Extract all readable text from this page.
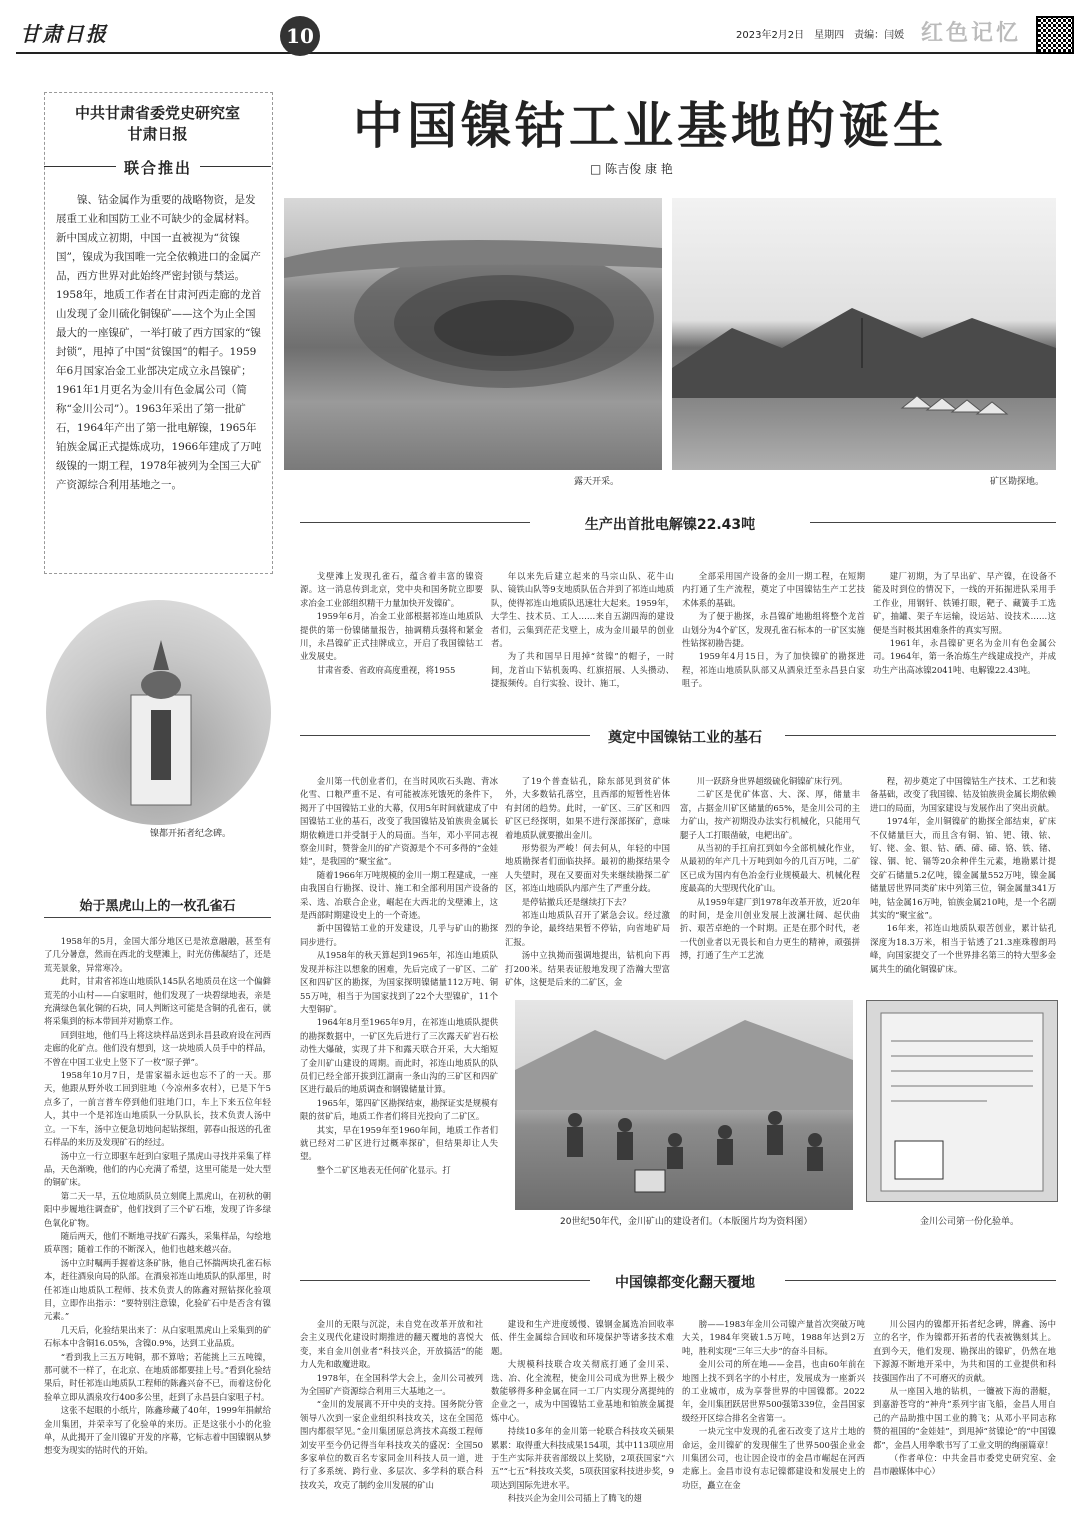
甘肃日报	10	2023年2月2日　星期四　责编：闫媛 红色记忆
中共甘肃省委党史研究室
甘肃日报
联合推出
镍、钴金属作为重要的战略物资，是发展重工业和国防工业不可缺少的金属材料。新中国成立初期，中国一直被视为“贫镍国”，镍成为我国唯一完全依赖进口的金属产品，西方世界对此始终严密封锁与禁运。
1958年，地质工作者在甘肃河西走廊的龙首山发现了金川硫化铜镍矿——这个为止全国最大的一座镍矿，一举打破了西方国家的“镍封锁”，甩掉了中国“贫镍国”的帽子。1959年6月国家冶金工业部决定成立永昌镍矿；1961年1月更名为金川有色金属公司（简称“金川公司”）。1963年采出了第一批矿石，1964年产出了第一批电解镍，1965年铂族金属正式提炼成功，1966年建成了万吨级镍的一期工程，1978年被列为全国三大矿产资源综合利用基地之一。
中国镍钴工业基地的诞生
□ 陈吉俊 康 艳
露天开采。	矿区勘探地。
镍都开拓者纪念碑。
生产出首批电解镍22.43吨

戈壁滩上发现孔雀石，蕴含着丰富的镍资源。这一消息传到北京，党中央和国务院立即要求冶金工业部组织精干力量加快开发镍矿。

1959年6月，冶金工业部根据祁连山地质队提供的第一份镍储量报告，抽调精兵强将和紧金川，永昌镍矿正式挂牌成立，开启了我国镍钴工业发展史。

甘肃省委、省政府高度重视，将1955

年以来先后建立起来的马宗山队、花牛山队、镜铁山队等9支地质队伍合并到了祁连山地质队，使得祁连山地质队迅速壮大起来。1959年，大学生、技术员、工人……来自五湖四海的建设者们，云集到茫茫戈壁上，成为金川最早的创业者。

为了共和国早日甩掉“贫镍”的帽子，一时间，龙首山下钻机轰鸣、红旗招展、人头攒动、捷报频传。自行实验、设计、施工，

全部采用国产设备的金川一期工程，在短期内打通了生产流程，奠定了中国镍钴生产工艺技术体系的基础。

为了便于勘探，永昌镍矿地勘组将整个龙首山划分为4个矿区，发现孔雀石标本的一矿区实施性钻探初勘告捷。

1959年4月15日，为了加快镍矿的勘探进程，祁连山地质队队部又从酒泉迁至永昌县白家咀子。

建厂初期，为了早出矿、早产镍，在设备不能及时到位的情况下，一线的开拓掘进队采用手工作业，用钢钎、铁锤打眼，靶子、藏簧手工选矿，抽罐、架子车运输，设运站、设技术……这便是当时极其困难条件的真实写照。

1961年，永昌镍矿更名为金川有色金属公司。1964年，第一条冶炼生产线建成投产，并成功生产出高冰镍2041吨、电解镍22.43吨。

奠定中国镍钴工业的基石

金川第一代创业者们，在当时风吹石头跑、背冰化雪、口粮严重不足、有可能被冻死饿死的条件下，揭开了中国镍钴工业的大幕，仅用5年时间就建成了中国镍钴工业的基石，改变了我国镍钴及铂族贵金属长期依赖进口并受制于人的局面。当年，邓小平同志视察金川时，赞誉金川的矿产资源是个不可多得的“金娃娃”，是我国的“聚宝盆”。

随着1966年万吨规模的金川一期工程建成，一座由我国自行勘探、设计、施工和全部利用国产设备的采、选、冶联合企业，崛起在大西北的戈壁滩上，这是西部时期建设史上的一个奇迹。

新中国镍钴工业的开发建设，几乎与矿山的勘探同步进行。

从1958年的秋天算起到1965年，祁连山地质队发现并标注以想象的困难，先后完成了一矿区、二矿区和四矿区的勘探，为国家探明镍储量112万吨、铜55万吨，相当于为国家找到了22个大型镍矿，11个大型铜矿。

1964年8月至1965年9月，在祁连山地质队提供的勘探数据中，一矿区先后进行了三次露天矿岩石松动性大爆破，实现了井下和露天联合开采，大大缩短了金川矿山建设的周期。而此时，祁连山地质队的队员们已经全部开拔到江湖南一条山沟的三矿区和四矿区进行最后的地质调查和钢镍储量计算。

1965年，第四矿区勘探结束，勘探证实是规模有限的贫矿后，地质工作者们将目光投向了二矿区。

其实，早在1959年至1960年间，地质工作者们就已经对二矿区进行过概率探矿，但结果却让人失望。

整个二矿区地表无任何矿化显示。打

了19个普查钻孔，除东部见到贫矿体外，大多数钻孔落空，且西部的短暂性岩体有封闭的趋势。此时，一矿区、三矿区和四矿区已经探明，如果不进行深部探矿，意味着地质队就要撤出金川。

形势很为严峻！何去何从，年轻的中国地质勘探者们面临抉择。最初的勘探结果令人失望时，现在又要面对失来继续勘探二矿区，祁连山地质队内部产生了严重分歧。

是停钻撤兵还是继续打下去？

祁连山地质队召开了紧急会议。经过激烈的争论，最终结果暂不停钻，向省地矿局汇报。

汤中立执拗而强调地提出，钻机向下再打200米。结果表证般地发现了浩瀚大型富矿体，这便是后来的二矿区，金

川一跃跻身世界超级硫化铜镍矿床行列。

二矿区是优矿体富、大、深、厚，储量丰富，占据金川矿区储量的65%，是金川公司的主力矿山，按产初期没办法实行机械化，只能用气腿子人工打眼凿破，电耙出矿。

从当初的手扛肩扛到如今全部机械化作业，从最初的年产几十万吨到如今的几百万吨，二矿区已成为国内有色冶金行业规模最大、机械化程度最高的大型现代化矿山。

从1959年建厂到1978年改革开放，近20年的时间，是金川创业发展上波澜壮阔、起伏曲折、艰苦卓绝的一个时期。正是在那个时代，老一代创业者以无畏长和自力更生的精神，顽强拼搏，打通了生产工艺流

程，初步奠定了中国镍钴生产技术、工艺和装备基础，改变了我国镍、钴及铂族贵金属长期依赖进口的局面，为国家建设与发展作出了突出贡献。

1974年，金川铜镍矿的勘探全部结束，矿床不仅储量巨大，而且含有铜、铂、钯、锇、铱、钌、铑、金、银、钴、硒、碲、碲、铬、铁、锗、镓、铟、铊、镉等20余种伴生元素，地勘累计提交矿石储量5.2亿吨，镍金属量552万吨，镍金属储量居世界同类矿床中列第三位，铜金属量341万吨，钴金属16万吨，铂族金属210吨，是一个名副其实的“聚宝盆”。

16年来，祁连山地质队艰苦创业，累计钻孔深度为18.3万米，相当于钻透了21.3座珠穆朗玛峰，向国家提交了一个世界排名第三的特大型多金属共生的硫化铜镍矿床。

20世纪50年代，金川矿山的建设者们。（本版图片均为资料图）	金川公司第一份化验单。
始于黑虎山上的一枚孔雀石

1958年的5月，金国大部分地区已是浓意融融，甚至有了几分暑意，然而在西北的戈壁滩上，时光仿佛凝结了，还是荒芜景象，异常寒冷。

此时，甘肃省祁连山地质队145队名地质员在这一个偏僻荒芜的小山村——白家咀时，他们发现了一块碧绿地表，亲是充满绿色氧化铜的石块，同人判断这可能是含铜的孔雀石，就将采集到的标本带回并对勘察工作。

回到驻地，他们马上将这块样品送到永昌县政府设在河西走廊的化矿点。他们没有想到，这一块地质人员手中的样品，不曾在中国工业史上竖下了一枚“原子弹”。

1958年10月7日，是雷家福永远也忘不了的一天。那天，他跟从野外收工回到驻地（今凉州多农村），已是下午5点多了，一前言普车停到他们驻地门口，车上下来五位年轻人，其中一个是祁连山地质队一分队队长，技术负责人汤中立。一下车，汤中立便急切地问起钻探组，郭春山报送的孔雀石样品的来历及发现矿石的经过。

汤中立一行立即驱车赶到白家咀子黑虎山寻找并采集了样品，天色渐晚，他们的内心充满了希望，这里可能是一处大型的铜矿床。

第二天一早，五位地质队员立刻爬上黑虎山，在初秋的朝阳中步履地往调查矿，他们找到了三个矿石堆，发现了许多绿色氧化矿物。

随后两天，他们不断地寻找矿石露头，采集样品，勾绘地质草图；随着工作的不断深入，他们也越来越兴奋。

汤中立时嘱两手握着这条矿脉，他自己怀揣两块孔雀石标本，赶往酒泉向局的队部。在酒泉祁连山地质队的队部里，时任祁连山地质队工程师、技术负责人的陈鑫对照钻探化验项目，立即作出指示：“要特别注意镍，化验矿石中是否含有镍元素。”

几天后，化验结果出来了：从白家咀黑虎山上采集到的矿石标本中含铜16.05%，含镍0.9%，达到工业品质。

“看到我上三五万吨铜，那不算啥；若能挑上三五吨镍，那可就不一样了，在北京、在地质部都要挂上号。”看到化验结果后，时任祁连山地质队工程师的陈鑫兴奋不已，而着这份化验单立即从酒泉攻行400多公里，赶到了永昌县白家咀子村。

这张不起眼的小纸片，陈鑫珍藏了40年，1999年捐献给金川集团，并荣幸写了化验单的来历。正是这张小小的化验单，从此揭开了金川镍矿开发的序幕，它标志着中国镍钢从梦想变为现实的钴时代的开始。

中国镍都变化翻天覆地

金川的无限与沉淀，未自党在改革开放和社会主义现代化建设时期推进的翻天覆地的喜悦大变，来自金川创业者“科技兴企，开放搞活”的能力人先和敢魔进取。

1978年，在全国科学大会上，金川公司被列为全国矿产资源综合利用三大基地之一。

“金川的发展离不开中央的支持。国务院分管领导八次到一家企业组织科技攻关，这在全国范围内都很罕见。”金川集团原总湾技术高级工程师刘安平至今仍记得当年科技攻关的盛况：全国50多家单位的数百名专家同金川科技人员一道，进行了多系统、跨行业、多层次、多学科的联合科技攻关，攻克了制约金川发展的矿山

建设和生产进度缓慢、镍钢金属选冶回收率低、伴生金属综合回收和环境保护等诸多技术难题。

大规模科技联合攻关彻底打通了金川采、选、冶、化全流程，使金川公司成为世界上极少数能够得多种金属在同一工厂内实现分离提纯的企业之一，成为中国镍钴工业基地和铂族金属提炼中心。

持续10多年的金川第一轮联合科技攻关硕果累累：取得重大科技成果154项，其中113项应用于生产实际并获省部级以上奖励，2项获国家“六五”“七五”科技攻关奖，5项获国家科技进步奖，9项达到国际先进水平。

科技兴企为金川公司插上了腾飞的翅

膀——1983年金川公司镍产量首次突破万吨大关，1984年突破1.5万吨，1988年达到2万吨，胜利实现“三年三大步”的奋斗目标。

金川公司的所在地——金昌，也由60年前在地图上找不到名字的小村庄，发展成为一座新兴的工业城市，成为享誉世界的中国镍都。2022年，金川集团跃居世界500强第339位，金昌国家级经开区综合排名全省第一。

一块元宝中发现的孔雀石改变了这片土地的命运，金川镍矿的发现催生了世界500强企业金川集团公司，也让因企设市的金昌市崛起在河西走廊上。金昌市设有志记镍都建设和发展史上的功臣，矗立在金

川公园内的镍都开拓者纪念碑，牌鑫、汤中立的名字，作为镍都开拓者的代表被镌刻其上。直到今天，他们发现、勘探出的镍矿，仍然在地下源源不断地开采中，为共和国的工业提供和科技强国作出了不可磨灭的贡献。

从一座国入地的钻机，一镰被下海的潜艇，到嘉游苍穹的“神舟”系列宇宙飞船，金昌人用自己的产品助推中国工业的腾飞；从邓小平同志称赞的祖国的“金娃娃”，到甩掉“贫镍论”的“中国镍都”，金昌人用拳歌书写了工业文明的绚丽篇章！

（作者单位：中共金昌市委党史研究室、金昌市融媒体中心）
